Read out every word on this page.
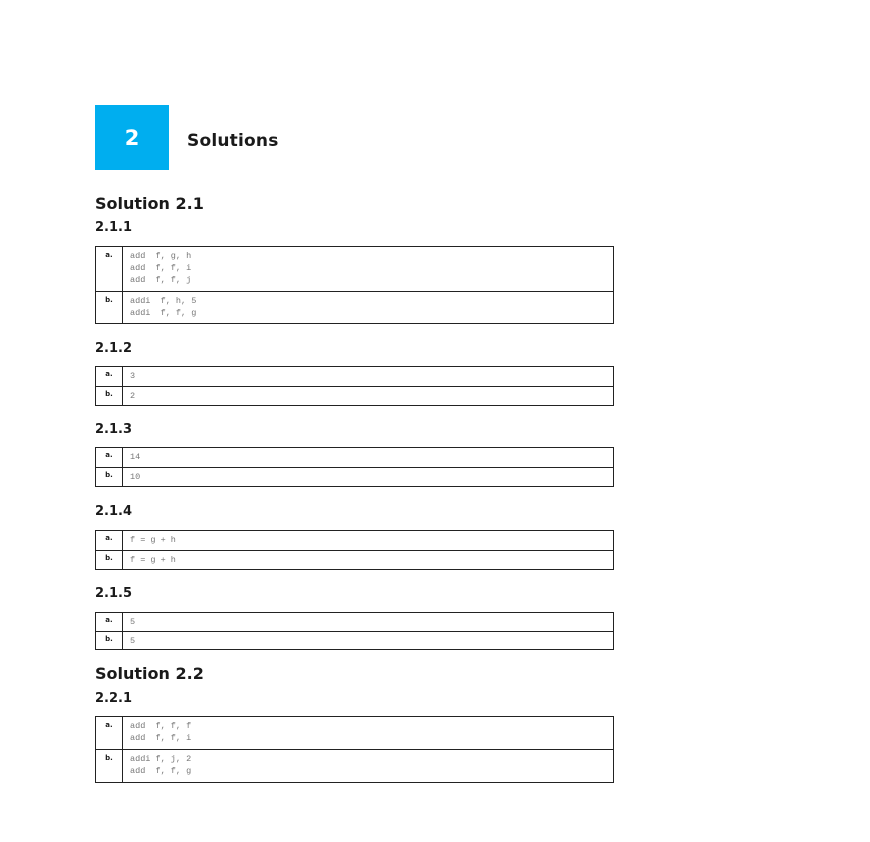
2	Solutions
Solution 2.1
2.1.1
a.	add  f, g, h
add  f, f, i
add  f, f, j
b.	addi  f, h, 5
addi  f, f, g
2.1.2
a.	3
b.	2
2.1.3
a.	14
b.	10
2.1.4
a.	f = g + h
b.	f = g + h
2.1.5
a.	5
b.	5
Solution 2.2
2.2.1
a.	add  f, f, f
add  f, f, i
b.	addi f, j, 2
add  f, f, g
